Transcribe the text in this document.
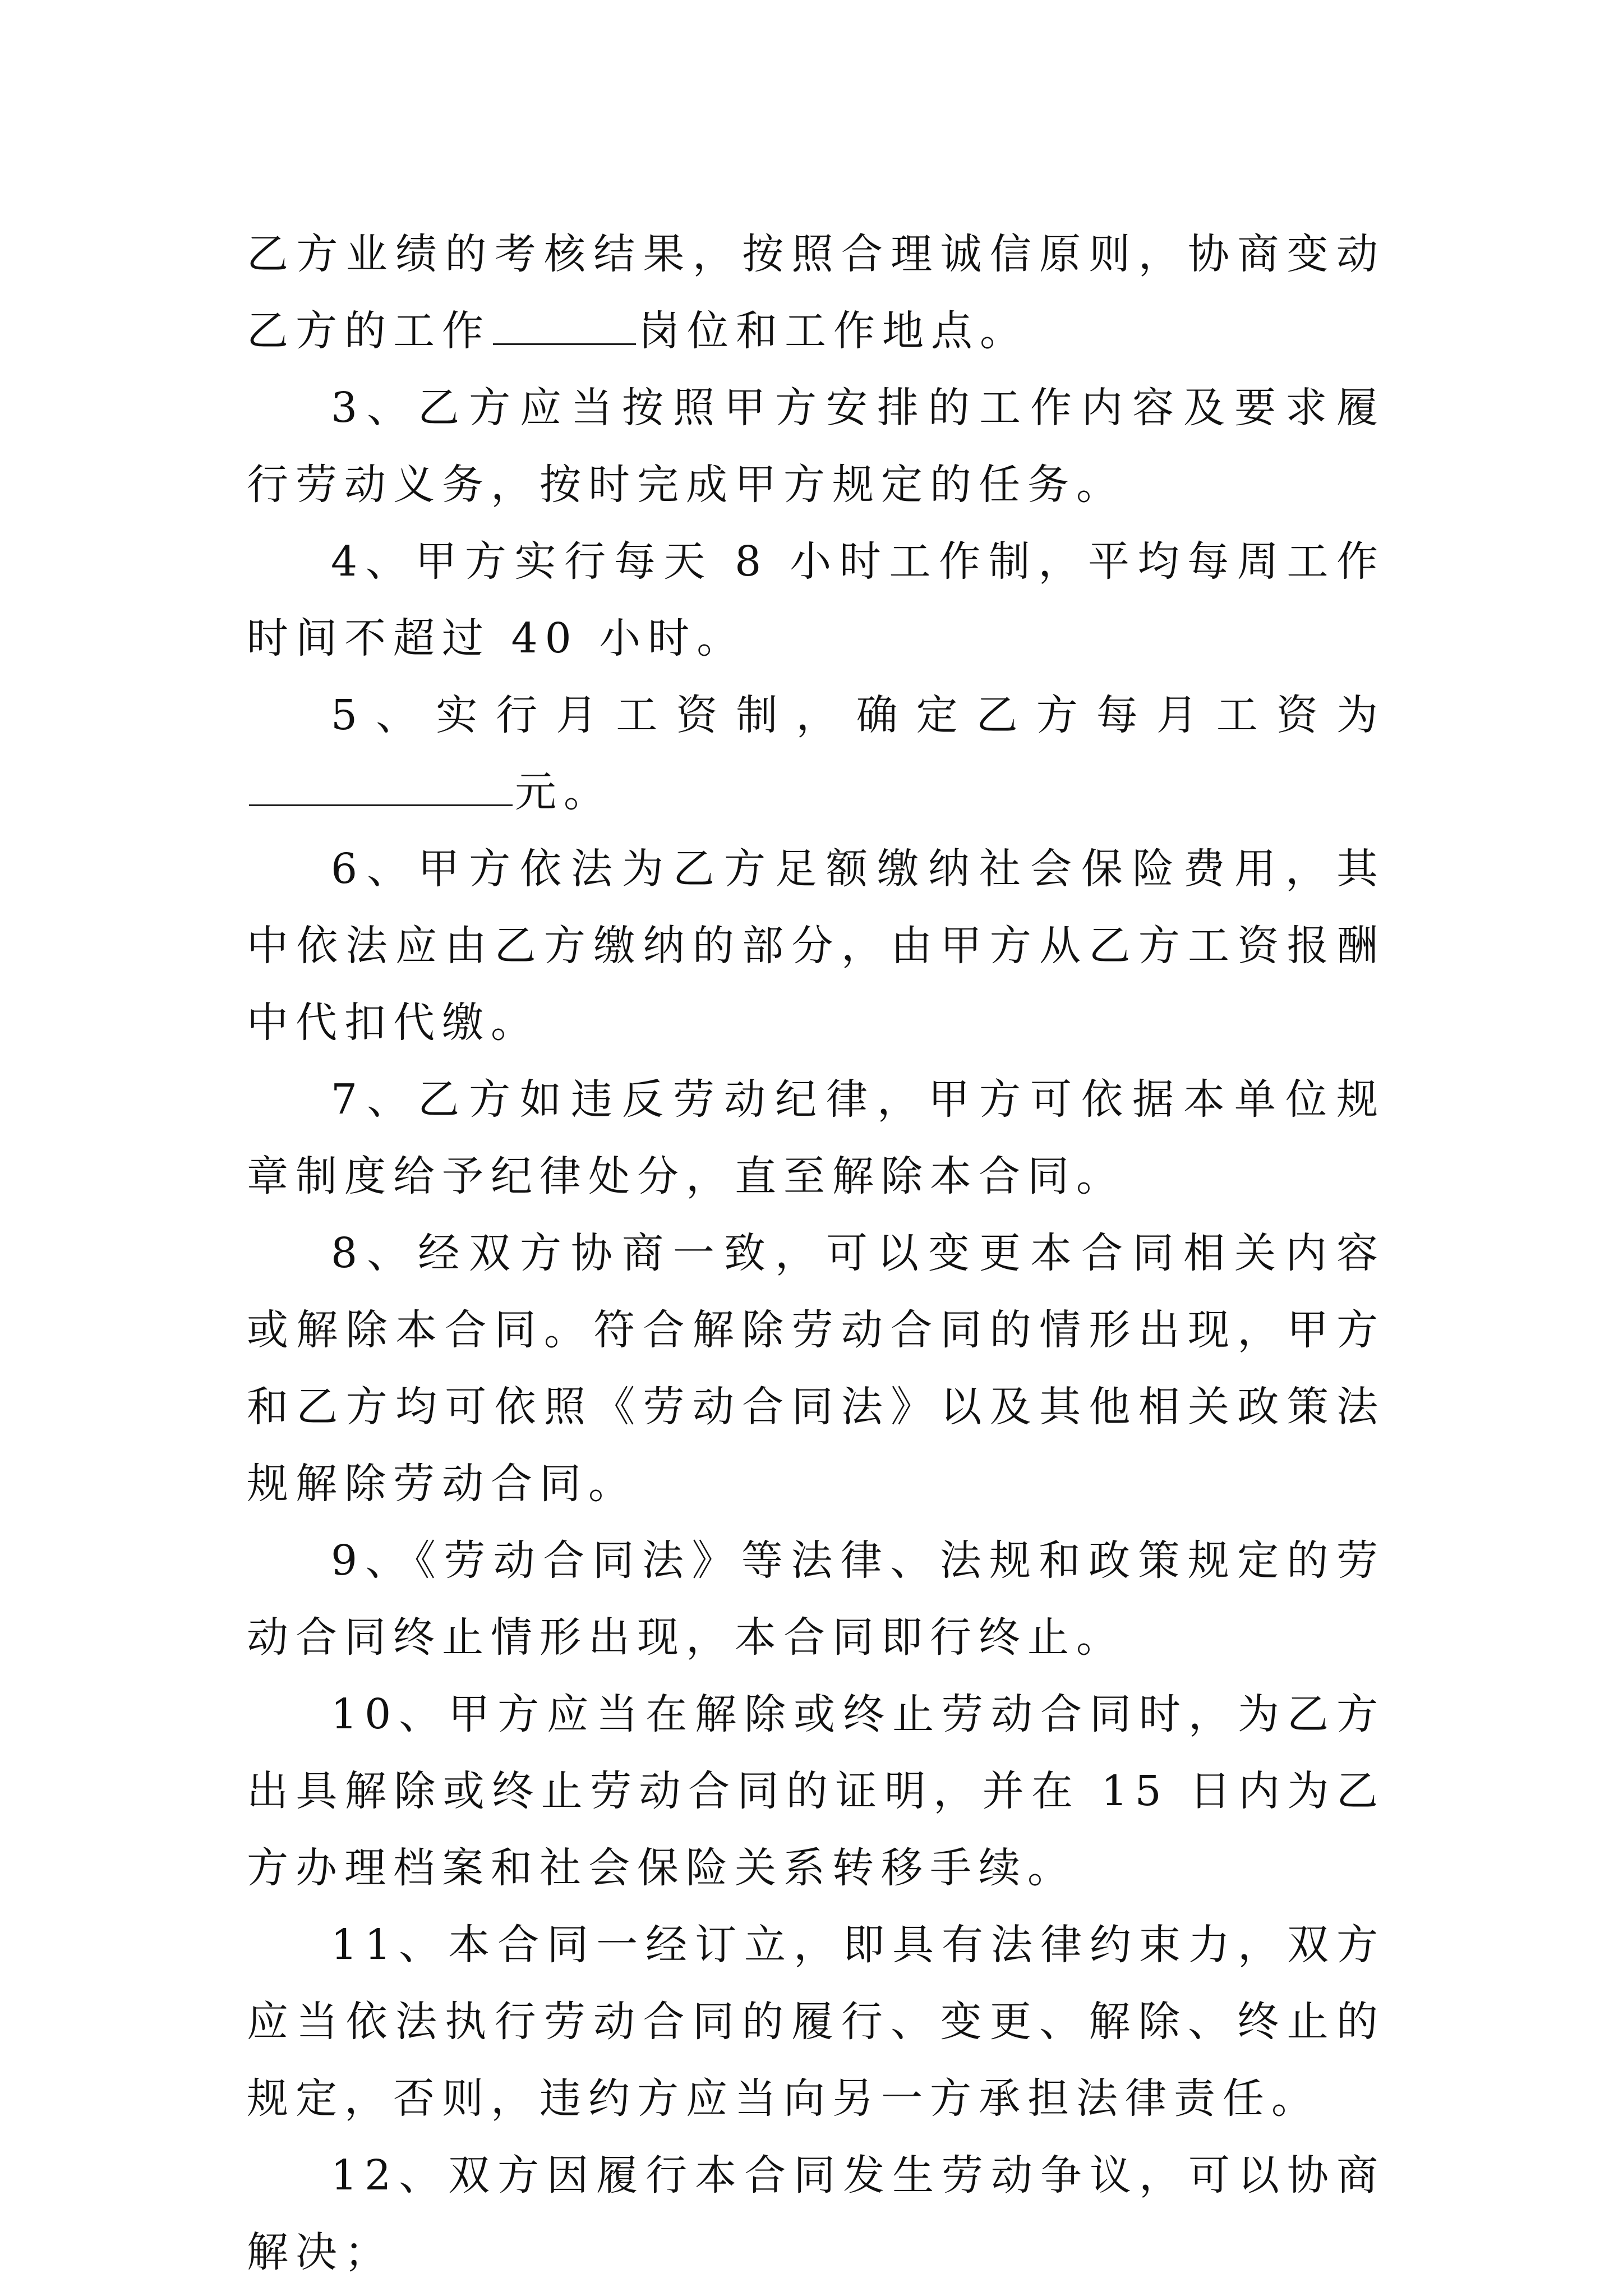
乙方业绩的考核结果，按照合理诚信原则，协商变动乙方的工作	岗位和工作地点。

3、乙方应当按照甲方安排的工作内容及要求履行劳动义务，按时完成甲方规定的任务。

4、甲方实行每天 8 小时工作制，平均每周工作时间不超过 40 小时。

5、实行月工资制，确定乙方每月工资为元。

6、甲方依法为乙方足额缴纳社会保险费用，其中依法应由乙方缴纳的部分，由甲方从乙方工资报酬中代扣代缴。

7、乙方如违反劳动纪律，甲方可依据本单位规章制度给予纪律处分，直至解除本合同。

8、经双方协商一致，可以变更本合同相关内容或解除本合同。符合解除劳动合同的情形出现，甲方和乙方均可依照《劳动合同法》以及其他相关政策法规解除劳动合同。

9、《劳动合同法》等法律、法规和政策规定的劳动合同终止情形出现，本合同即行终止。

10、甲方应当在解除或终止劳动合同时，为乙方出具解除或终止劳动合同的证明，并在 15 日内为乙方办理档案和社会保险关系转移手续。

11、本合同一经订立，即具有法律约束力，双方应当依法执行劳动合同的履行、变更、解除、终止的规定，否则，违约方应当向另一方承担法律责任。

12、双方因履行本合同发生劳动争议，可以协商解决；
